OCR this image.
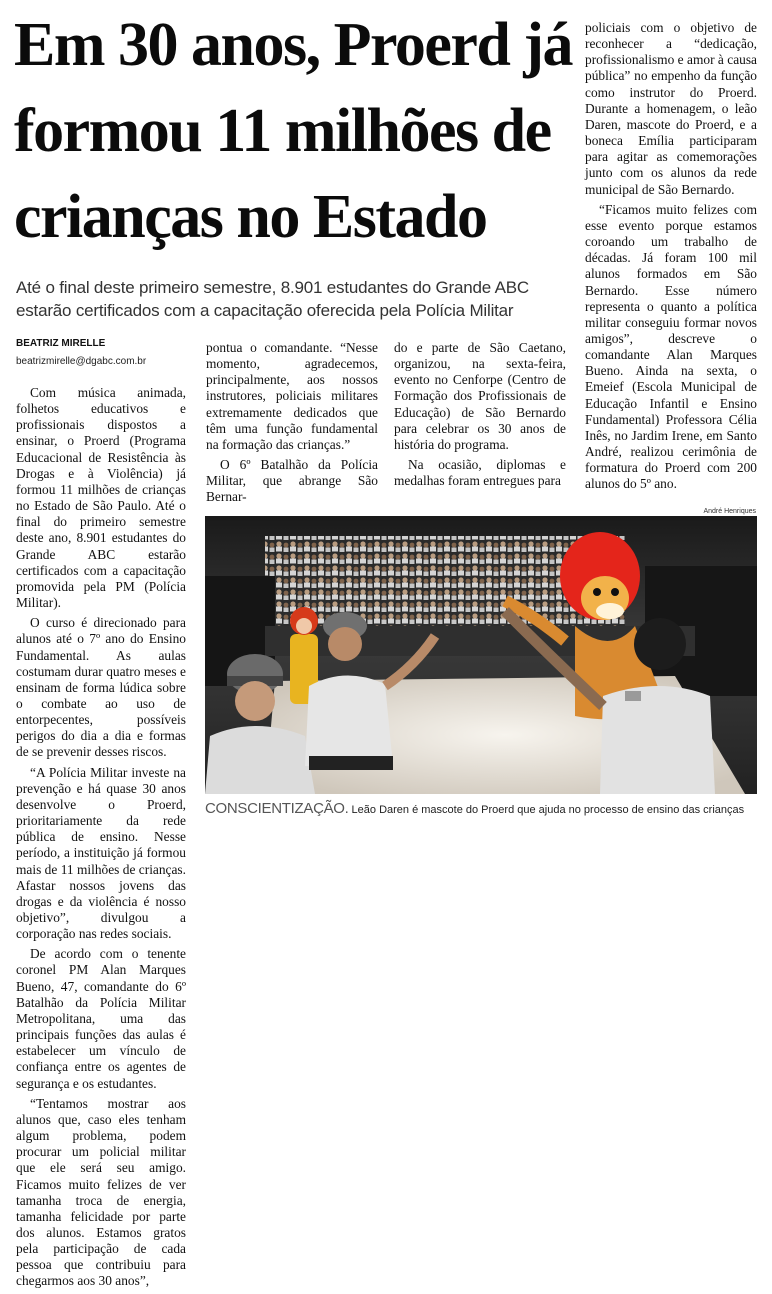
Em 30 anos, Proerd já formou 11 milhões de crianças no Estado

Até o final deste primeiro semestre, 8.901 estudantes do Grande ABC estarão certificados com a capacitação oferecida pela Polícia Militar

BEATRIZ MIRELLE
beatrizmirelle@dgabc.com.br

Com música animada, folhetos educativos e profissionais dispostos a ensinar, o Proerd (Programa Educacional de Resistência às Drogas e à Violência) já formou 11 milhões de crianças no Estado de São Paulo. Até o final do primeiro semestre deste ano, 8.901 estudantes do Grande ABC estarão certificados com a capacitação promovida pela PM (Polícia Militar).

O curso é direcionado para alunos até o 7º ano do Ensino Fundamental. As aulas costumam durar quatro meses e ensinam de forma lúdica sobre o combate ao uso de entorpecentes, possíveis perigos do dia a dia e formas de se prevenir desses riscos.

“A Polícia Militar investe na prevenção e há quase 30 anos desenvolve o Proerd, prioritariamente da rede pública de ensino. Nesse período, a instituição já formou mais de 11 milhões de crianças. Afastar nossos jovens das drogas e da violência é nosso objetivo”, divulgou a corporação nas redes sociais.

De acordo com o tenente coronel PM Alan Marques Bueno, 47, comandante do 6º Batalhão da Polícia Militar Metropolitana, uma das principais funções das aulas é estabelecer um vínculo de confiança entre os agentes de segurança e os estudantes.

“Tentamos mostrar aos alunos que, caso eles tenham algum problema, podem procurar um policial militar que ele será seu amigo. Ficamos muito felizes de ver tamanha troca de energia, tamanha felicidade por parte dos alunos. Estamos gratos pela participação de cada pessoa que contribuiu para chegarmos aos 30 anos”,

pontua o comandante. “Nesse momento, agradecemos, principalmente, aos nossos instrutores, policiais militares extremamente dedicados que têm uma função fundamental na formação das crianças.”

O 6º Batalhão da Polícia Militar, que abrange São Bernar-

do e parte de São Caetano, organizou, na sexta-feira, evento no Cenforpe (Centro de Formação dos Profissionais de Educação) de São Bernardo para celebrar os 30 anos de história do programa.

Na ocasião, diplomas e medalhas foram entregues para

policiais com o objetivo de reconhecer a “dedicação, profissionalismo e amor à causa pública” no empenho da função como instrutor do Proerd. Durante a homenagem, o leão Daren, mascote do Proerd, e a boneca Emília participaram para agitar as comemorações junto com os alunos da rede municipal de São Bernardo.

“Ficamos muito felizes com esse evento porque estamos coroando um trabalho de décadas. Já foram 100 mil alunos formados em São Bernardo. Esse número representa o quanto a política militar conseguiu formar novos amigos”, descreve o comandante Alan Marques Bueno. Ainda na sexta, o Emeief (Escola Municipal de Educação Infantil e Ensino Fundamental) Professora Célia Inês, no Jardim Irene, em Santo André, realizou cerimônia de formatura do Proerd com 200 alunos do 5º ano.

André Henriques
CONSCIENTIZAÇÃO. Leão Daren é mascote do Proerd que ajuda no processo de ensino das crianças
